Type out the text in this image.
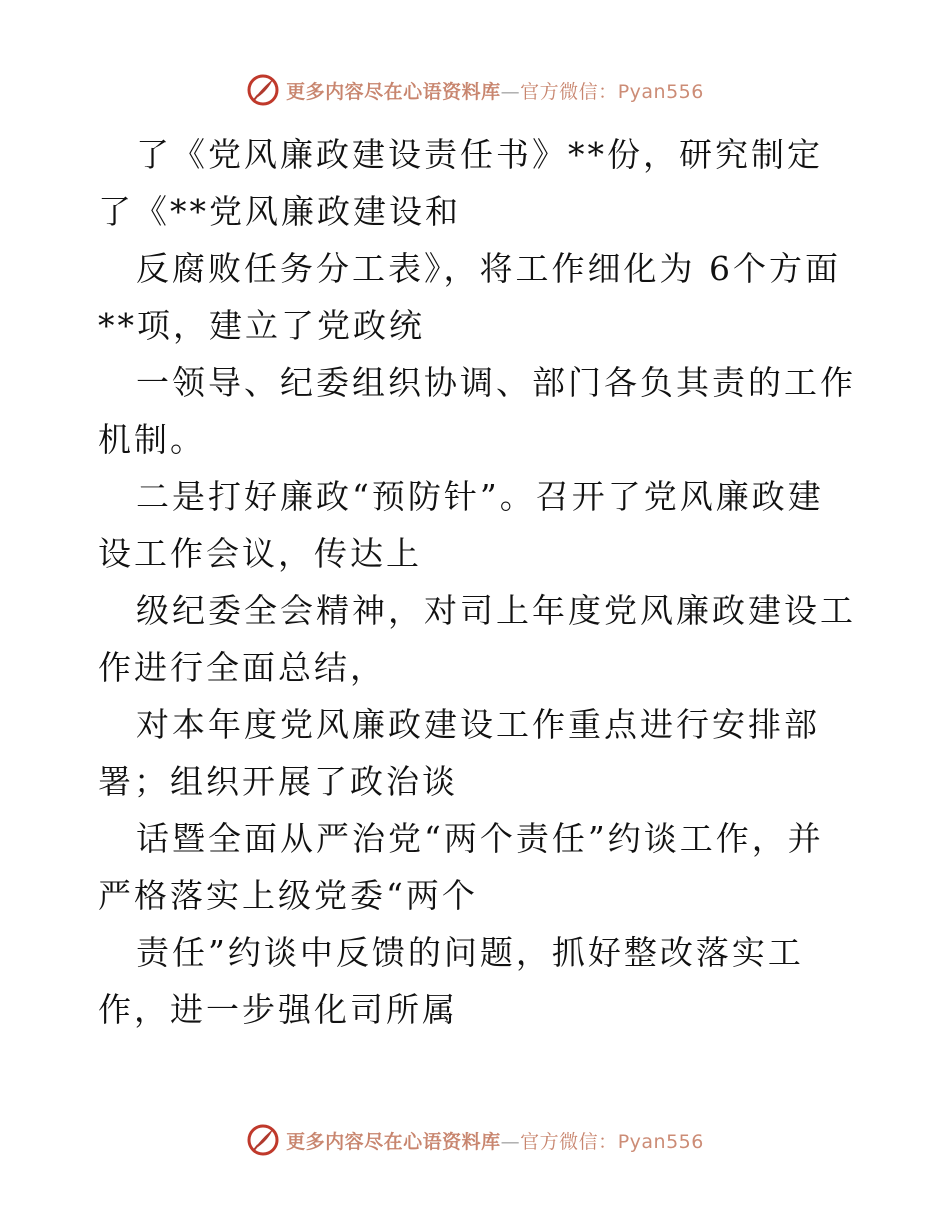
更多内容尽在心语资料库—官方微信：Pyan556

了《党风廉政建设责任书》**份，研究制定了《**党风廉政建设和

反腐败任务分工表》，将工作细化为 6个方面**项，建立了党政统

一领导、纪委组织协调、部门各负其责的工作机制。

二是打好廉政“预防针”。召开了党风廉政建设工作会议，传达上

级纪委全会精神，对司上年度党风廉政建设工作进行全面总结，

对本年度党风廉政建设工作重点进行安排部署；组织开展了政治谈

话暨全面从严治党“两个责任”约谈工作，并严格落实上级党委“两个

责任”约谈中反馈的问题，抓好整改落实工作，进一步强化司所属

更多内容尽在心语资料库—官方微信：Pyan556
